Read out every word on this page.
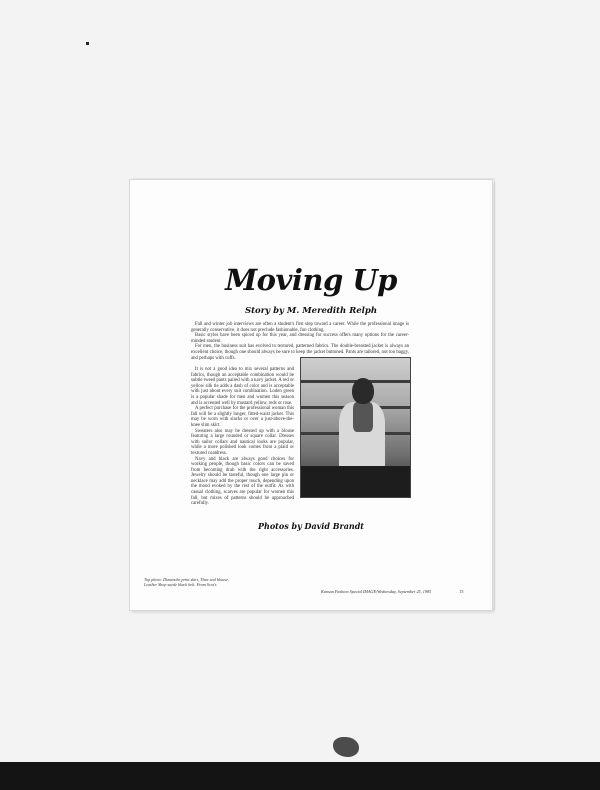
Moving Up
Story by M. Meredith Relph

Fall and winter job interviews are often a student's first step toward a career. While the professional image is generally conservative, it does not preclude fashionable, fun clothing.

Basic styles have been spiced up for this year, and dressing for success offers many options for the career-minded student.

For men, the business suit has evolved to textured, patterned fabrics. The double-breasted jacket is always an excellent choice, though one should always be sure to keep the jacket buttoned. Pants are tailored, not too baggy, and perhaps with cuffs.

It is not a good idea to mix several patterns and fabrics, though an acceptable combination would be subtle tweed pants paired with a navy jacket. A red or yellow silk tie adds a dash of color and is acceptable with just about every suit combination. Loden green is a popular shade for men and women this season and is accented well by mustard yellow, reds or rose.

A perfect purchase for the professional woman this fall will be a slightly longer, fitted-waist jacket. This may be worn with slacks or over a just-above-the-knee slim skirt.

Sweaters also may be dressed up with a blouse featuring a large rounded or square collar. Dresses with sailor collars and nautical looks are popular, while a more polished look comes from a plaid or textured coatdress.

Navy and black are always good choices for working people, though basic colors can be saved from becoming drab with the right accessories. Jewelry should be tasteful, though one large pin or necklace may add the proper touch, depending upon the mood evoked by the rest of the outfit. As with casual clothing, scarves are popular for women this fall, but mixes of patterns should be approached carefully.

Photos by David Brandt
Top photo: Dimanche print skirt, Thea teal blouse, Leather Shop suede black belt. From Scot's
Kansan Fashion Special IMAGE/Wednesday, September 25, 1985	15
